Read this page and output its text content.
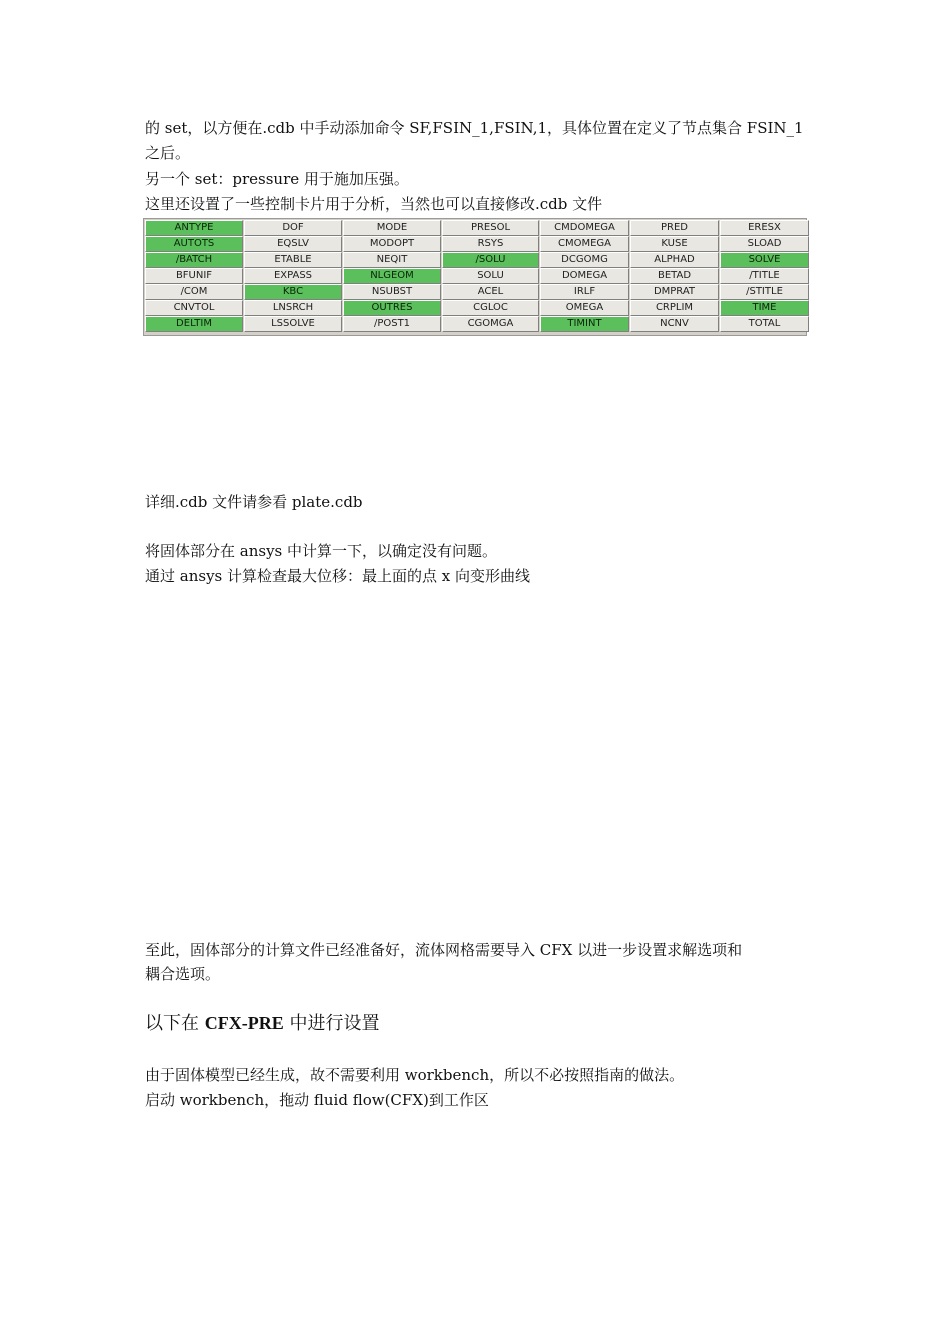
的 set，以方便在.cdb 中手动添加命令 SF,FSIN_1,FSIN,1，具体位置在定义了节点集合 FSIN_1
之后。
另一个 set：pressure 用于施加压强。
这里还设置了一些控制卡片用于分析，当然也可以直接修改.cdb 文件
ANTYPE	DOF	MODE	PRESOL	CMDOMEGA	PRED	ERESX
AUTOTS	EQSLV	MODOPT	RSYS	CMOMEGA	KUSE	SLOAD
/BATCH	ETABLE	NEQIT	/SOLU	DCGOMG	ALPHAD	SOLVE
BFUNIF	EXPASS	NLGEOM	SOLU	DOMEGA	BETAD	/TITLE
/COM	KBC	NSUBST	ACEL	IRLF	DMPRAT	/STITLE
CNVTOL	LNSRCH	OUTRES	CGLOC	OMEGA	CRPLIM	TIME
DELTIM	LSSOLVE	/POST1	CGOMGA	TIMINT	NCNV	TOTAL
详细.cdb 文件请参看 plate.cdb
将固体部分在 ansys 中计算一下，以确定没有问题。
通过 ansys 计算检查最大位移：最上面的点 x 向变形曲线
至此，固体部分的计算文件已经准备好，流体网格需要导入 CFX 以进一步设置求解选项和
耦合选项。
以下在 CFX-PRE 中进行设置
由于固体模型已经生成，故不需要利用 workbench，所以不必按照指南的做法。
启动 workbench，拖动 fluid flow(CFX)到工作区
